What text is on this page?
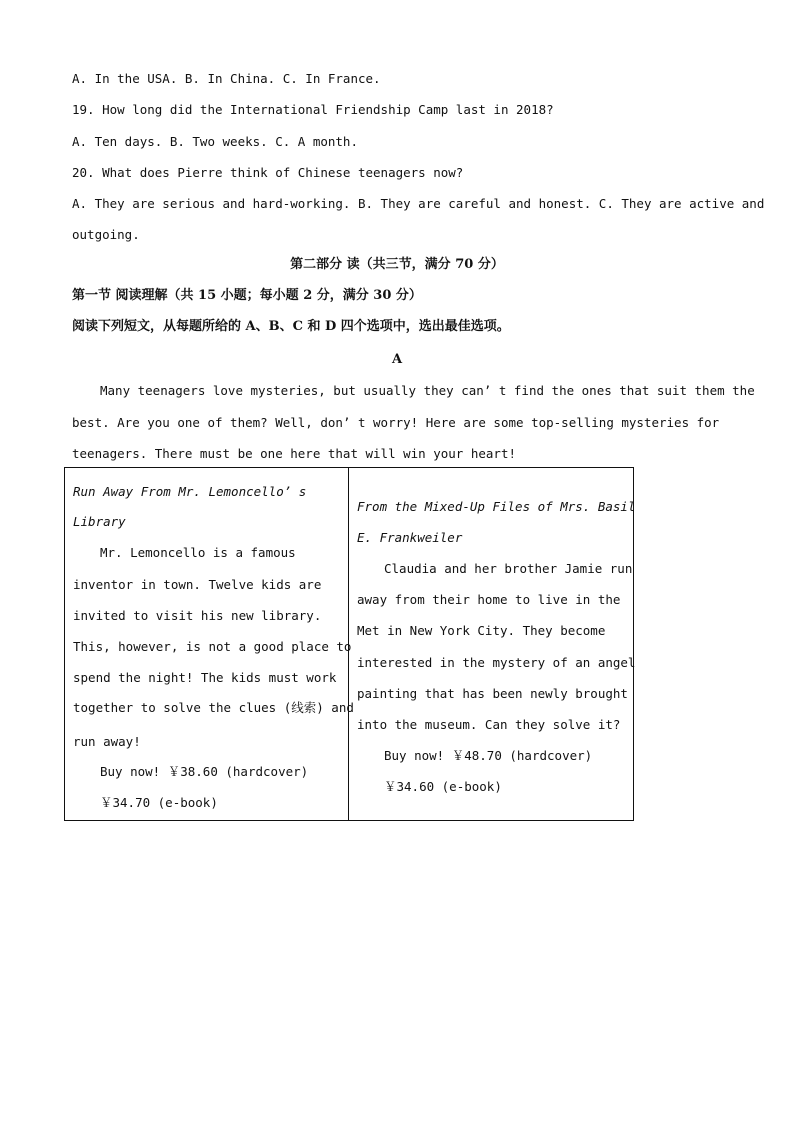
A. In the USA. B. In China. C. In France.
19. How long did the International Friendship Camp last in 2018?
A. Ten days. B. Two weeks. C. A month.
20. What does Pierre think of Chinese teenagers now?
A. They are serious and hard-working. B. They are careful and honest. C. They are active and
outgoing.
第二部分 读（共三节，满分 70 分）
第一节 阅读理解（共 15 小题；每小题 2 分，满分 30 分）
阅读下列短文，从每题所给的 A、B、C 和 D 四个选项中，选出最佳选项。
A
Many teenagers love mysteries, but usually they can’ t find the ones that suit them the
best. Are you one of them? Well, don’ t worry! Here are some top-selling mysteries for
teenagers. There must be one here that will win your heart!
Run Away From Mr. Lemoncello’ s
Library
Mr. Lemoncello is a famous
inventor in town. Twelve kids are
invited to visit his new library.
This, however, is not a good place to
spend the night! The kids must work
together to solve the clues (线索) and
run away!
Buy now! ￥38.60 (hardcover)
￥34.70 (e-book)
From the Mixed-Up Files of Mrs. Basil
E. Frankweiler
Claudia and her brother Jamie run
away from their home to live in the
Met in New York City. They become
interested in the mystery of an angel
painting that has been newly brought
into the museum. Can they solve it?
Buy now! ￥48.70 (hardcover)
￥34.60 (e-book)
